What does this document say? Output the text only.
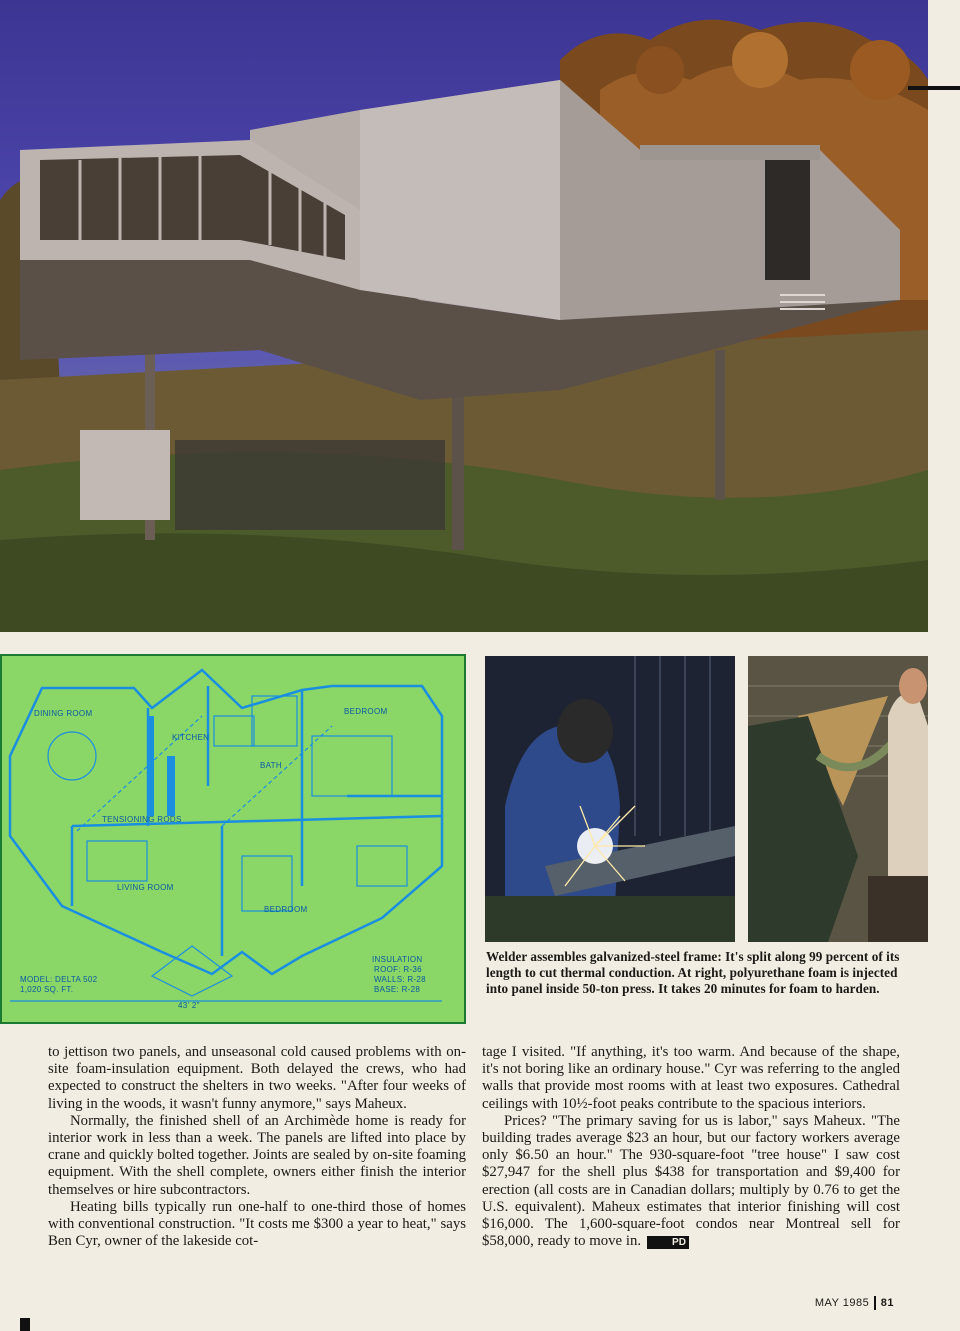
DINING ROOM
KITCHEN
BEDROOM
BATH
TENSIONING RODS
LIVING ROOM
BEDROOM
MODEL: DELTA 502
1,020 SQ. FT.
INSULATION
ROOF: R-36
WALLS: R-28
BASE: R-28
43' 2"
Welder assembles galvanized-steel frame: It's split along 99 percent of its length to cut thermal conduction. At right, polyurethane foam is injected into panel inside 50-ton press. It takes 20 minutes for foam to harden.

to jettison two panels, and unseasonal cold caused problems with on-site foam-insulation equipment. Both delayed the crews, who had expected to construct the shelters in two weeks. "After four weeks of living in the woods, it wasn't funny anymore," says Maheux.

Normally, the finished shell of an Archimède home is ready for interior work in less than a week. The panels are lifted into place by crane and quickly bolted together. Joints are sealed by on-site foaming equipment. With the shell complete, owners either finish the interior themselves or hire subcontractors.

Heating bills typically run one-half to one-third those of homes with conventional construction. "It costs me $300 a year to heat," says Ben Cyr, owner of the lakeside cot-

tage I visited. "If anything, it's too warm. And because of the shape, it's not boring like an ordinary house." Cyr was referring to the angled walls that provide most rooms with at least two exposures. Cathedral ceilings with 10½-foot peaks contribute to the spacious interiors.

Prices? "The primary saving for us is labor," says Maheux. "The building trades average $23 an hour, but our factory workers average only $6.50 an hour." The 930-square-foot "tree house" I saw cost $27,947 for the shell plus $438 for transportation and $9,400 for erection (all costs are in Canadian dollars; multiply by 0.76 to get the U.S. equivalent). Maheux estimates that interior finishing will cost $16,000. The 1,600-square-foot condos near Montreal sell for $58,000, ready to move in.	PD

MAY 1985 81
